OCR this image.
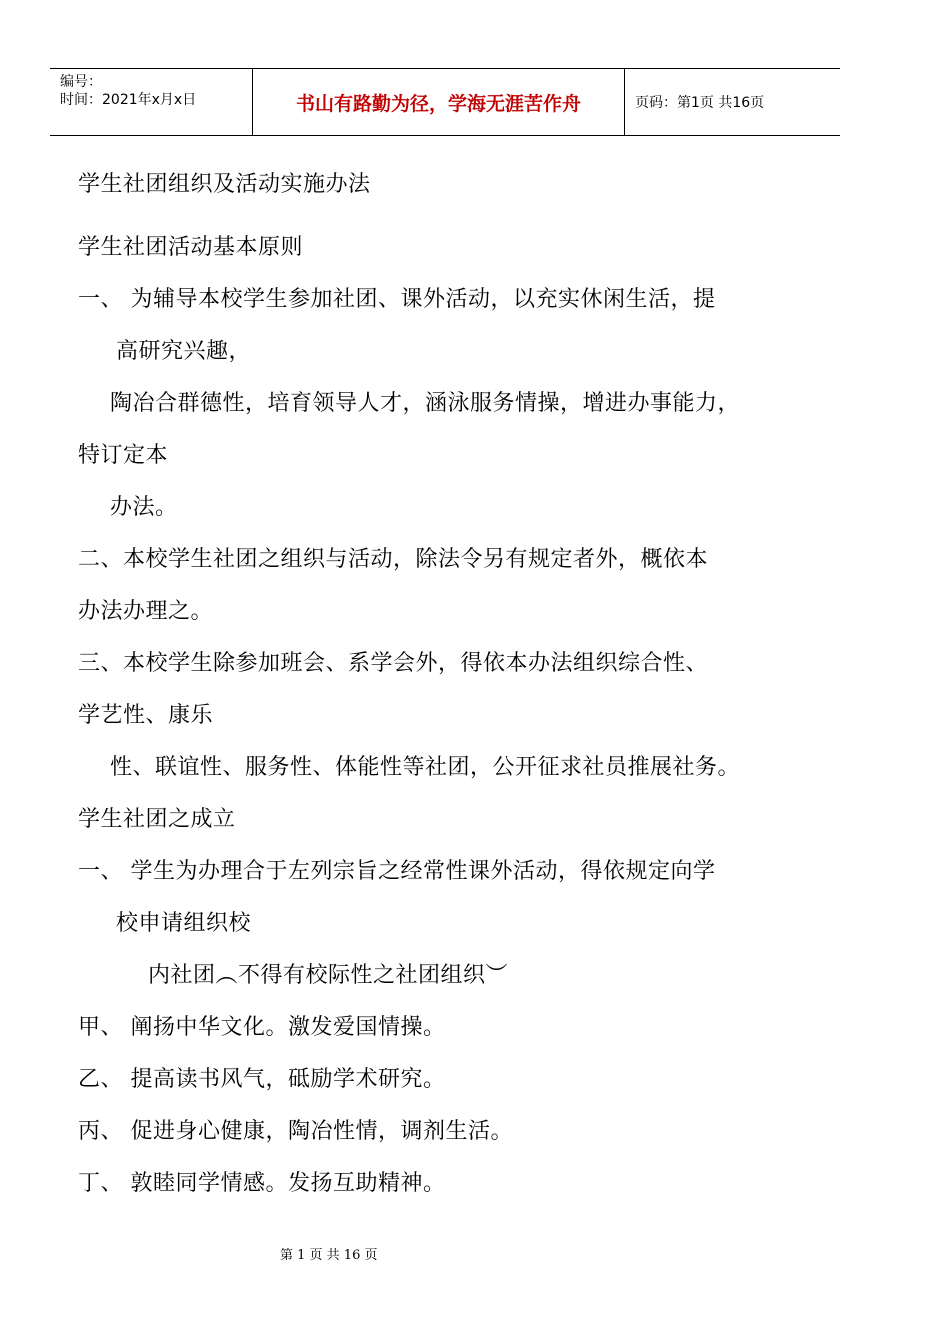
编号：
时间：2021年x月x日	书山有路勤为径，学海无涯苦作舟	页码：第1页 共16页
学生社团组织及活动实施办法
学生社团活动基本原则
一、 为辅导本校学生参加社团、课外活动，以充实休闲生活，提
高研究兴趣，
陶冶合群德性，培育领导人才，涵泳服务情操，增进办事能力，
特订定本
办法。
二、本校学生社团之组织与活动，除法令另有规定者外，概依本
办法办理之。
三、本校学生除参加班会、系学会外，得依本办法组织综合性、
学艺性、康乐
性、联谊性、服务性、体能性等社团，公开征求社员推展社务。
学生社团之成立
一、 学生为办理合于左列宗旨之经常性课外活动，得依规定向学
校申请组织校
内社团︵不得有校际性之社团组织︶
甲、 阐扬中华文化。激发爱国情操。
乙、 提高读书风气，砥励学术研究。
丙、 促进身心健康，陶冶性情，调剂生活。
丁、 敦睦同学情感。发扬互助精神。
第 1 页 共 16 页
